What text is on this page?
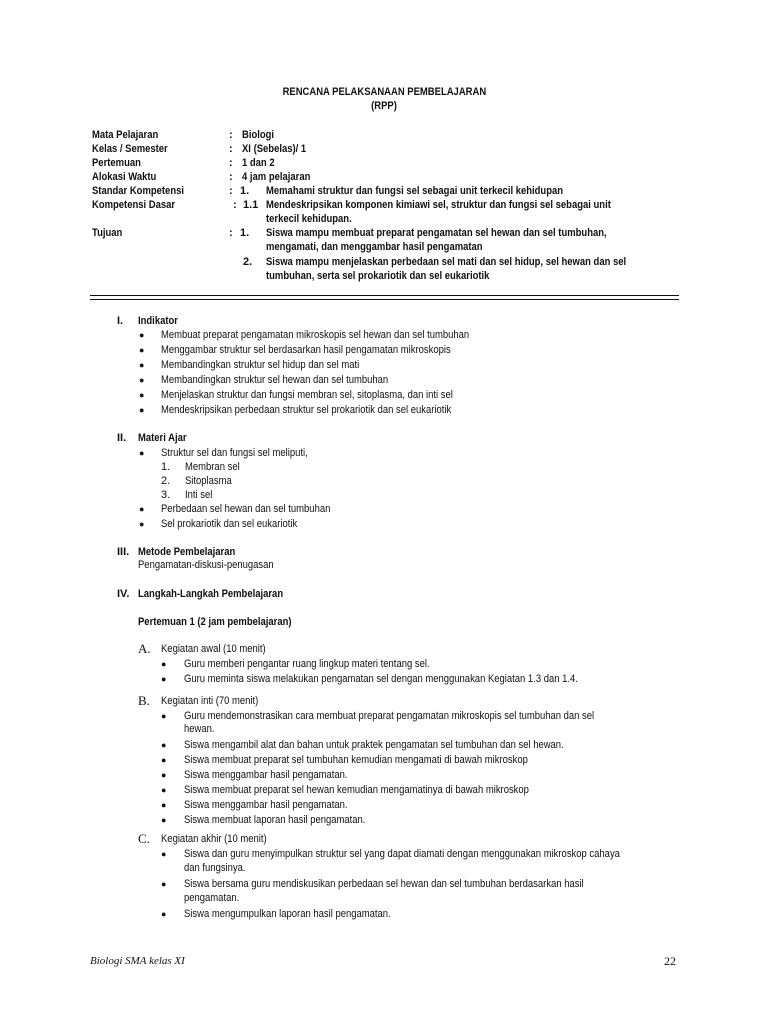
RENCANA PELAKSANAAN PEMBELAJARAN
(RPP)
Mata Pelajaran	: Biologi
Kelas / Semester	: XI (Sebelas)/ 1
Pertemuan	: 1 dan 2
Alokasi Waktu	: 4 jam pelajaran
Standar Kompetensi	: 1. Memahami struktur dan fungsi sel sebagai unit terkecil kehidupan
Kompetensi Dasar	: 1.1 Mendeskripsikan komponen kimiawi sel, struktur dan fungsi sel sebagai unit
terkecil kehidupan.
Tujuan	: 1. Siswa mampu membuat preparat pengamatan sel hewan dan sel tumbuhan,
mengamati, dan menggambar hasil pengamatan
2. Siswa mampu menjelaskan perbedaan sel mati dan sel hidup, sel hewan dan sel
tumbuhan, serta sel prokariotik dan sel eukariotik
I. Indikator
● Membuat preparat pengamatan mikroskopis sel hewan dan sel tumbuhan
● Menggambar struktur sel berdasarkan hasil pengamatan mikroskopis
● Membandingkan struktur sel hidup dan sel mati
● Membandingkan struktur sel hewan dan sel tumbuhan
● Menjelaskan struktur dan fungsi membran sel, sitoplasma, dan inti sel
● Mendeskripsikan perbedaan struktur sel prokariotik dan sel eukariotik
II. Materi Ajar
● Struktur sel dan fungsi sel meliputi,
1. Membran sel
2. Sitoplasma
3. Inti sel
● Perbedaan sel hewan dan sel tumbuhan
● Sel prokariotik dan sel eukariotik
III. Metode Pembelajaran
Pengamatan-diskusi-penugasan
IV. Langkah-Langkah Pembelajaran
Pertemuan 1 (2 jam pembelajaran)
A. Kegiatan awal (10 menit)
● Guru memberi pengantar ruang lingkup materi tentang sel.
● Guru meminta siswa melakukan pengamatan sel dengan menggunakan Kegiatan 1.3 dan 1.4.
B. Kegiatan inti (70 menit)
● Guru mendemonstrasikan cara membuat preparat pengamatan mikroskopis sel tumbuhan dan sel
hewan.
● Siswa mengambil alat dan bahan untuk praktek pengamatan sel tumbuhan dan sel hewan.
● Siswa membuat preparat sel tumbuhan kemudian mengamati di bawah mikroskop
● Siswa menggambar hasil pengamatan.
● Siswa membuat preparat sel hewan kemudian mengamatinya di bawah mikroskop
● Siswa menggambar hasil pengamatan.
● Siswa membuat laporan hasil pengamatan.
C. Kegiatan akhir (10 menit)
● Siswa dan guru menyimpulkan struktur sel yang dapat diamati dengan menggunakan mikroskop cahaya
dan fungsinya.
● Siswa bersama guru mendiskusikan perbedaan sel hewan dan sel tumbuhan berdasarkan hasil
pengamatan.
● Siswa mengumpulkan laporan hasil pengamatan.
Biologi SMA kelas XI	22
